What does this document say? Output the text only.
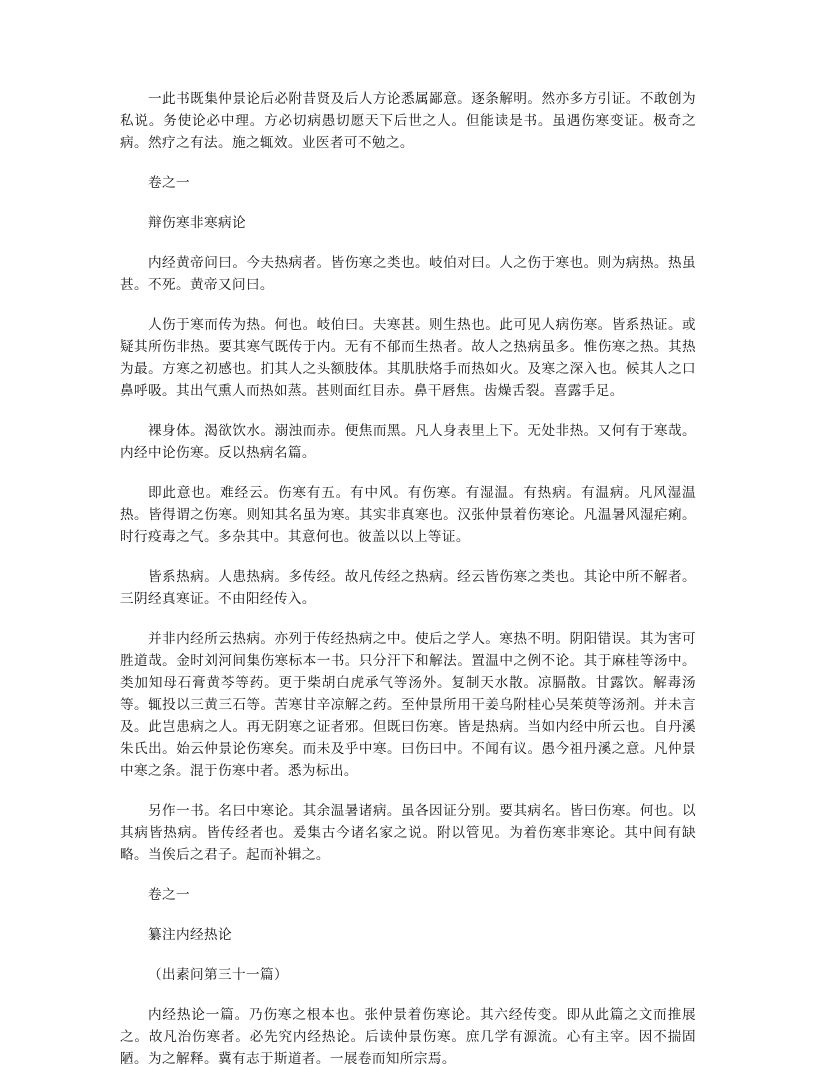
一此书既集仲景论后必附昔贤及后人方论悉属鄙意。逐条解明。然亦多方引证。不敢创为私说。务使论必中理。方必切病愚切愿天下后世之人。但能读是书。虽遇伤寒变证。极奇之病。然疗之有法。施之辄效。业医者可不勉之。

卷之一

辩伤寒非寒病论

内经黄帝问曰。今夫热病者。皆伤寒之类也。岐伯对曰。人之伤于寒也。则为病热。热虽甚。不死。黄帝又问曰。

人伤于寒而传为热。何也。岐伯曰。夫寒甚。则生热也。此可见人病伤寒。皆系热证。或疑其所伤非热。要其寒气既传于内。无有不郁而生热者。故人之热病虽多。惟伤寒之热。其热为最。方寒之初感也。扪其人之头额肢体。其肌肤烙手而热如火。及寒之深入也。候其人之口鼻呼吸。其出气熏人而热如蒸。甚则面红目赤。鼻干唇焦。齿燥舌裂。喜露手足。

裸身体。渴欲饮水。溺浊而赤。便焦而黑。凡人身表里上下。无处非热。又何有于寒哉。内经中论伤寒。反以热病名篇。

即此意也。难经云。伤寒有五。有中风。有伤寒。有湿温。有热病。有温病。凡风湿温热。皆得谓之伤寒。则知其名虽为寒。其实非真寒也。汉张仲景着伤寒论。凡温暑风湿疟痢。时行疫毒之气。多杂其中。其意何也。彼盖以以上等证。

皆系热病。人患热病。多传经。故凡传经之热病。经云皆伤寒之类也。其论中所不解者。三阴经真寒证。不由阳经传入。

并非内经所云热病。亦列于传经热病之中。使后之学人。寒热不明。阴阳错误。其为害可胜道哉。金时刘河间集伤寒标本一书。只分汗下和解法。置温中之例不论。其于麻桂等汤中。类加知母石膏黄芩等药。更于柴胡白虎承气等汤外。复制天水散。凉膈散。甘露饮。解毒汤等。辄投以三黄三石等。苦寒甘辛凉解之药。至仲景所用干姜乌附桂心吴茱萸等汤剂。并未言及。此岂患病之人。再无阴寒之证者邪。但既曰伤寒。皆是热病。当如内经中所云也。自丹溪朱氏出。始云仲景论伤寒矣。而未及乎中寒。曰伤曰中。不闻有议。愚今祖丹溪之意。凡仲景中寒之条。混于伤寒中者。悉为标出。

另作一书。名曰中寒论。其余温暑诸病。虽各因证分别。要其病名。皆曰伤寒。何也。以其病皆热病。皆传经者也。爰集古今诸名家之说。附以管见。为着伤寒非寒论。其中间有缺略。当俟后之君子。起而补辑之。

卷之一

纂注内经热论

（出素问第三十一篇）

内经热论一篇。乃伤寒之根本也。张仲景着伤寒论。其六经传变。即从此篇之文而推展之。故凡治伤寒者。必先究内经热论。后读仲景伤寒。庶几学有源流。心有主宰。因不揣固陋。为之解释。冀有志于斯道者。一展卷而知所宗焉。
